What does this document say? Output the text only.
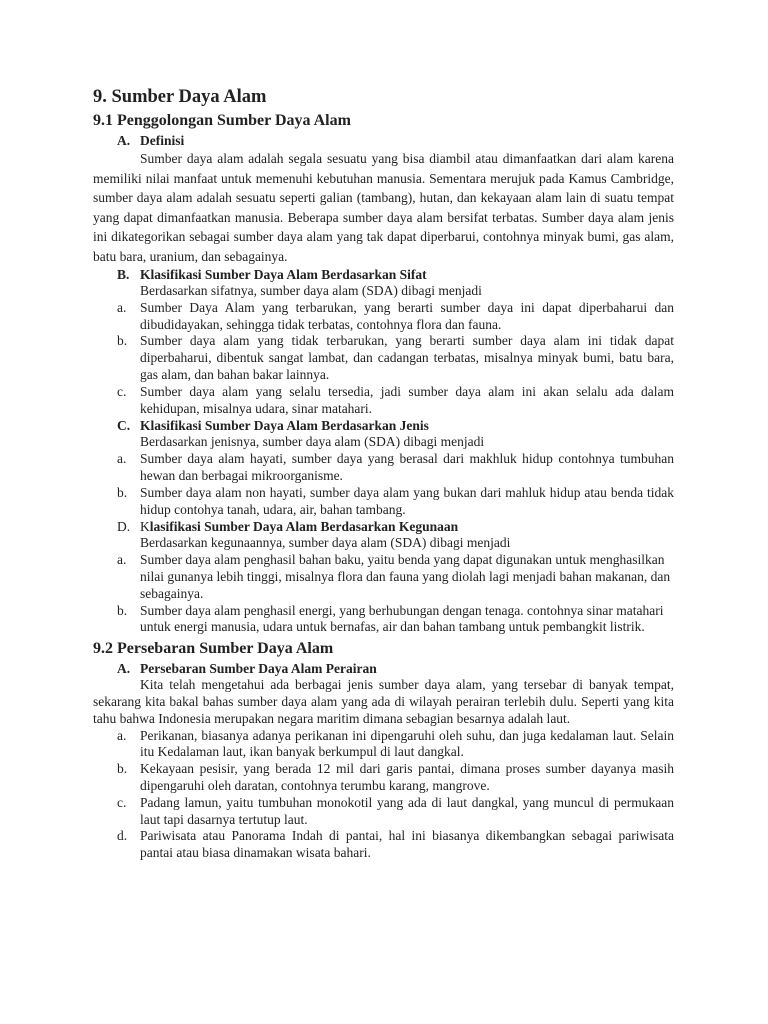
9. Sumber Daya Alam
9.1 Penggolongan Sumber Daya Alam
A. Definisi

Sumber daya alam adalah segala sesuatu yang bisa diambil atau dimanfaatkan dari alam karena memiliki nilai manfaat untuk memenuhi kebutuhan manusia. Sementara merujuk pada Kamus Cambridge, sumber daya alam adalah sesuatu seperti galian (tambang), hutan, dan kekayaan alam lain di suatu tempat yang dapat dimanfaatkan manusia. Beberapa sumber daya alam bersifat terbatas. Sumber daya alam jenis ini dikategorikan sebagai sumber daya alam yang tak dapat diperbarui, contohnya minyak bumi, gas alam, batu bara, uranium, dan sebagainya.

B. Klasifikasi Sumber Daya Alam Berdasarkan Sifat

Berdasarkan sifatnya, sumber daya alam (SDA) dibagi menjadi

a.	Sumber Daya Alam yang terbarukan, yang berarti sumber daya ini dapat diperbaharui dan dibudidayakan, sehingga tidak terbatas, contohnya flora dan fauna.
b. Sumber daya alam yang tidak terbarukan, yang berarti sumber daya alam ini tidak dapat diperbaharui, dibentuk sangat lambat, dan cadangan terbatas, misalnya minyak bumi, batu bara, gas alam, dan bahan bakar lainnya.
c.	Sumber daya alam yang selalu tersedia, jadi sumber daya alam ini akan selalu ada dalam kehidupan, misalnya udara, sinar matahari.
C. Klasifikasi Sumber Daya Alam Berdasarkan Jenis

Berdasarkan jenisnya, sumber daya alam (SDA) dibagi menjadi

a.	Sumber daya alam hayati, sumber daya yang berasal dari makhluk hidup contohnya tumbuhan hewan dan berbagai mikroorganisme.
b. Sumber daya alam non hayati, sumber daya alam yang bukan dari mahluk hidup atau benda tidak hidup contohya tanah, udara, air, bahan tambang.
D. Klasifikasi Sumber Daya Alam Berdasarkan Kegunaan

Berdasarkan kegunaannya, sumber daya alam (SDA) dibagi menjadi

a.	Sumber daya alam penghasil bahan baku, yaitu benda yang dapat digunakan untuk menghasilkan nilai gunanya lebih tinggi, misalnya flora dan fauna yang diolah lagi menjadi bahan makanan, dan sebagainya.
b. Sumber daya alam penghasil energi, yang berhubungan dengan tenaga. contohnya sinar matahari untuk energi manusia, udara untuk bernafas, air dan bahan tambang untuk pembangkit listrik.
9.2 Persebaran Sumber Daya Alam
A. Persebaran Sumber Daya Alam Perairan

Kita telah mengetahui ada berbagai jenis sumber daya alam, yang tersebar di banyak tempat, sekarang kita bakal bahas sumber daya alam yang ada di wilayah perairan terlebih dulu. Seperti yang kita tahu bahwa Indonesia merupakan negara maritim dimana sebagian besarnya adalah laut.

a.	Perikanan, biasanya adanya perikanan ini dipengaruhi oleh suhu, dan juga kedalaman laut. Selain itu Kedalaman laut, ikan banyak berkumpul di laut dangkal.
b. Kekayaan pesisir, yang berada 12 mil dari garis pantai, dimana proses sumber dayanya masih dipengaruhi oleh daratan, contohnya terumbu karang, mangrove.
c.	Padang lamun, yaitu tumbuhan monokotil yang ada di laut dangkal, yang muncul di permukaan laut tapi dasarnya tertutup laut.
d. Pariwisata atau Panorama Indah di pantai, hal ini biasanya dikembangkan sebagai pariwisata pantai atau biasa dinamakan wisata bahari.
